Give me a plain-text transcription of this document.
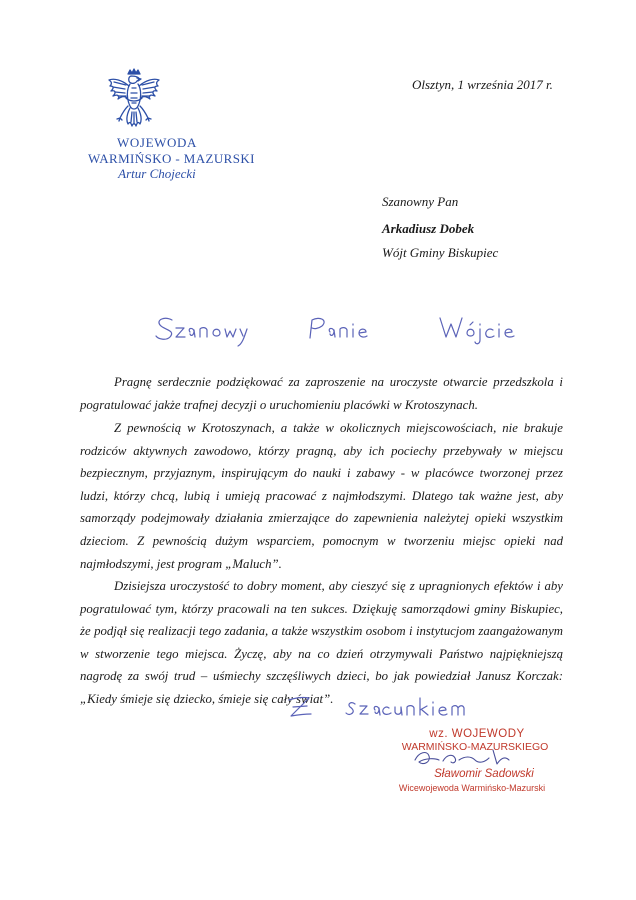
WOJEWODA
WARMIŃSKO - MAZURSKI
Artur Chojecki
Olsztyn, 1 września 2017 r.
Szanowny Pan
Arkadiusz Dobek
Wójt Gminy Biskupiec

Pragnę serdecznie podziękować za zaproszenie na uroczyste otwarcie przedszkola i pogratulować jakże trafnej decyzji o uruchomieniu placówki w Krotoszynach.

Z pewnością w Krotoszynach, a także w okolicznych miejscowościach, nie brakuje rodziców aktywnych zawodowo, którzy pragną, aby ich pociechy przebywały w miejscu bezpiecznym, przyjaznym, inspirującym do nauki i zabawy - w placówce tworzonej przez ludzi, którzy chcą, lubią i umieją pracować z najmłodszymi. Dlatego tak ważne jest, aby samorządy podejmowały działania zmierzające do zapewnienia należytej opieki wszystkim dzieciom. Z pewnością dużym wsparciem, pomocnym w tworzeniu miejsc opieki nad najmłodszymi, jest program „Maluch”.

Dzisiejsza uroczystość to dobry moment, aby cieszyć się z upragnionych efektów i aby pogratulować tym, którzy pracowali na ten sukces. Dziękuję samorządowi gminy Biskupiec, że podjął się realizacji tego zadania, a także wszystkim osobom i instytucjom zaangażowanym w stworzenie tego miejsca. Życzę, aby na co dzień otrzymywali Państwo najpiękniejszą nagrodę za swój trud – uśmiechy szczęśliwych dzieci, bo jak powiedział Janusz Korczak: „Kiedy śmieje się dziecko, śmieje się cały świat”.

wz. WOJEWODY
WARMIŃSKO-MAZURSKIEGO
Sławomir Sadowski
Wicewojewoda Warmińsko-Mazurski
